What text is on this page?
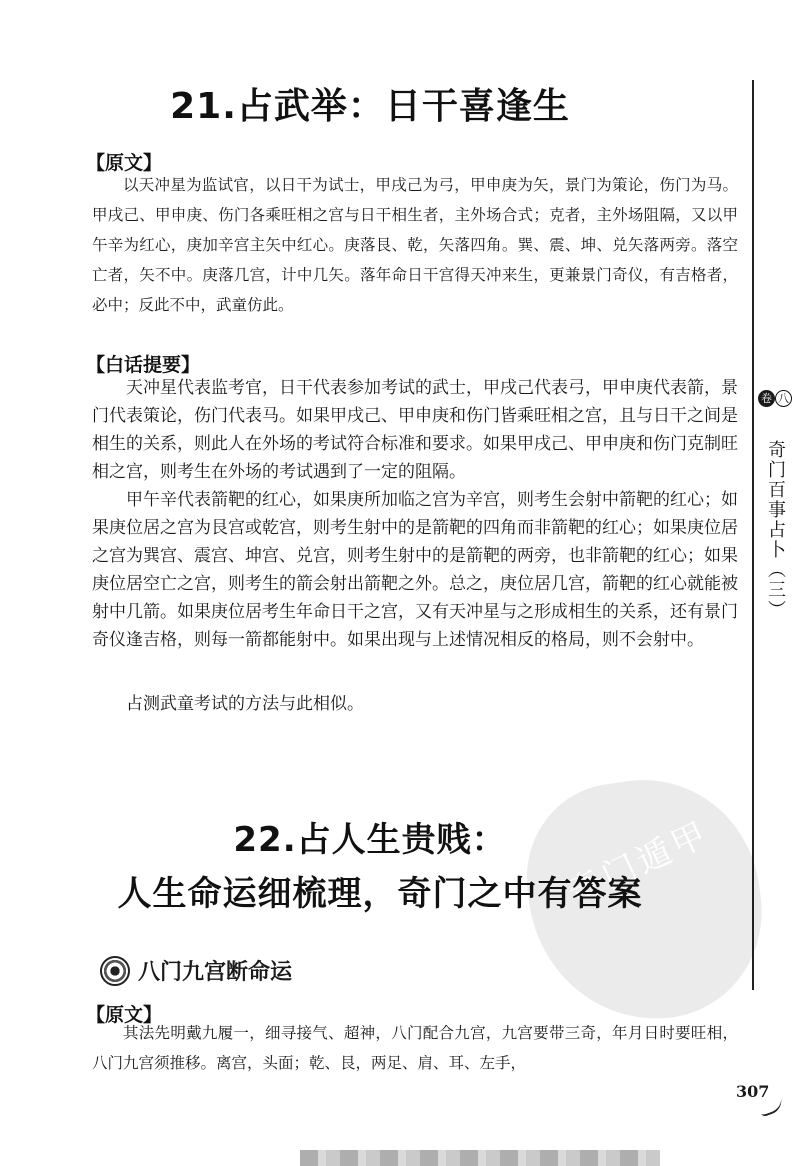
21.占武举：日干喜逢生
【原文】

以天冲星为监试官，以日干为试士，甲戌己为弓，甲申庚为矢，景门为策论，伤门为马。甲戌己、甲申庚、伤门各乘旺相之宫与日干相生者，主外场合式；克者，主外场阻隔，又以甲午辛为红心，庚加辛宫主矢中红心。庚落艮、乾，矢落四角。巽、震、坤、兑矢落两旁。落空亡者，矢不中。庚落几宫，计中几矢。落年命日干宫得天冲来生，更兼景门奇仪，有吉格者，必中；反此不中，武童仿此。

【白话提要】

天冲星代表监考官，日干代表参加考试的武士，甲戌己代表弓，甲申庚代表箭，景门代表策论，伤门代表马。如果甲戌己、甲申庚和伤门皆乘旺相之宫，且与日干之间是相生的关系，则此人在外场的考试符合标准和要求。如果甲戌己、甲申庚和伤门克制旺相之宫，则考生在外场的考试遇到了一定的阻隔。

甲午辛代表箭靶的红心，如果庚所加临之宫为辛宫，则考生会射中箭靶的红心；如果庚位居之宫为艮宫或乾宫，则考生射中的是箭靶的四角而非箭靶的红心；如果庚位居之宫为巽宫、震宫、坤宫、兑宫，则考生射中的是箭靶的两旁，也非箭靶的红心；如果庚位居空亡之宫，则考生的箭会射出箭靶之外。总之，庚位居几宫，箭靶的红心就能被射中几箭。如果庚位居考生年命日干之宫，又有天冲星与之形成相生的关系，还有景门奇仪逢吉格，则每一箭都能射中。如果出现与上述情况相反的格局，则不会射中。

占测武童考试的方法与此相似。

奇门遁甲
22.占人生贵贱：
人生命运细梳理，奇门之中有答案
八门九宫断命运
【原文】

其法先明戴九履一，细寻接气、超神，八门配合九宫，九宫要带三奇，年月日时要旺相，八门九宫须推移。离宫，头面；乾、艮，两足、肩、耳、左手，

卷 八
奇门百事占卜（三）
307
